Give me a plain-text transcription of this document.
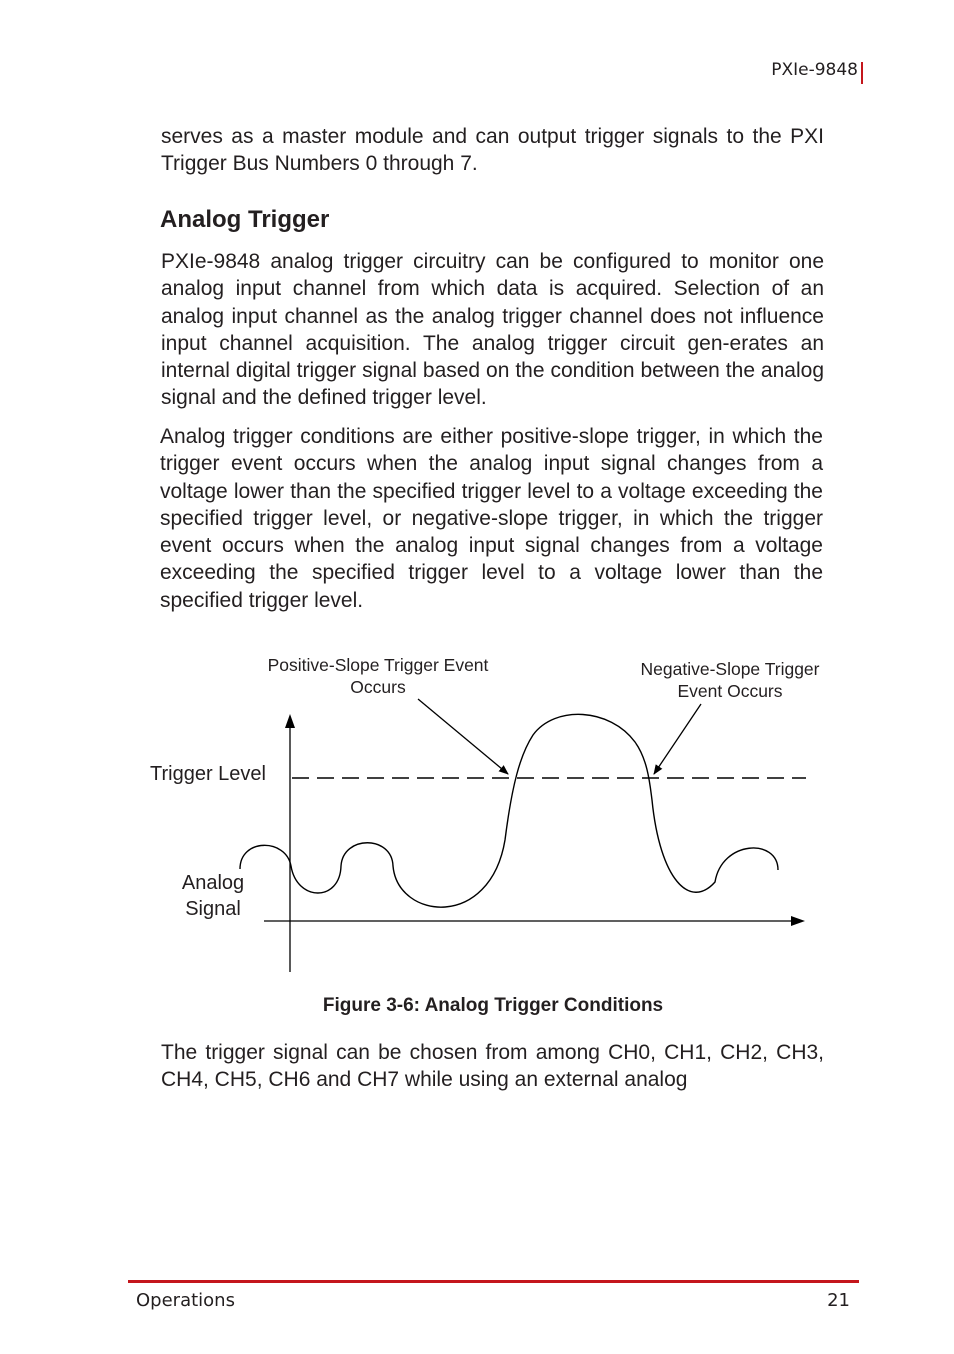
PXIe-9848

serves as a master module and can output trigger signals to the PXI Trigger Bus Numbers 0 through 7.

Analog Trigger

PXIe-9848 analog trigger circuitry can be configured to monitor one analog input channel from which data is acquired. Selection of an analog input channel as the analog trigger channel does not influence input channel acquisition. The analog trigger circuit gen-erates an internal digital trigger signal based on the condition between the analog signal and the defined trigger level.

Analog trigger conditions are either positive-slope trigger, in which the trigger event occurs when the analog input signal changes from a voltage lower than the specified trigger level to a voltage exceeding the specified trigger level, or negative-slope trigger, in which the trigger event occurs when the analog input signal changes from a voltage exceeding the specified trigger level to a voltage lower than the specified trigger level.

Positive-Slope Trigger Event
Occurs
Negative-Slope Trigger
Event Occurs
Trigger Level
Analog
Signal

Figure 3-6: Analog Trigger Conditions

The trigger signal can be chosen from among CH0, CH1, CH2, CH3, CH4, CH5, CH6 and CH7 while using an external analog

Operations	21
